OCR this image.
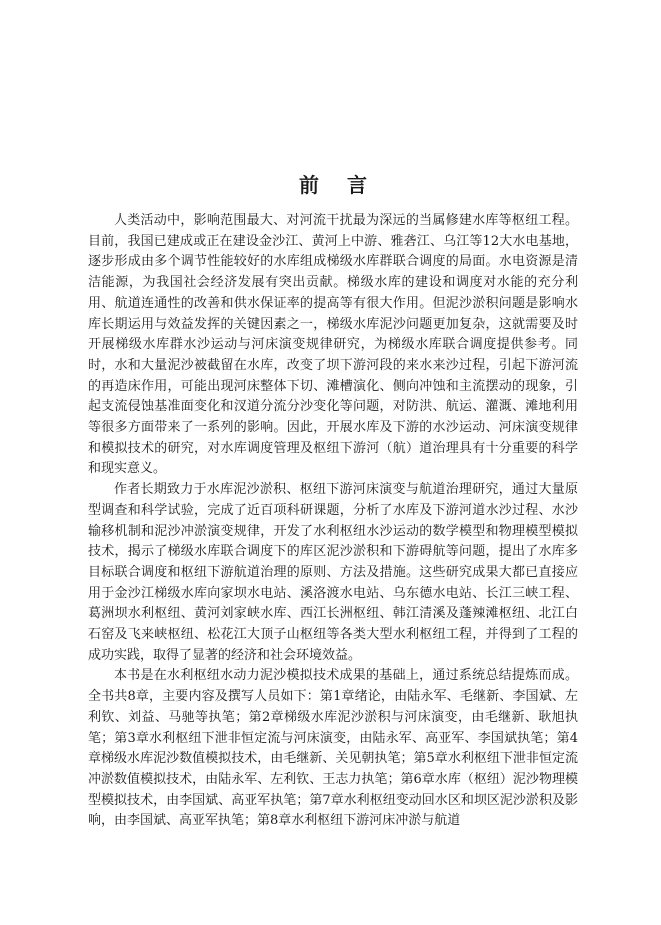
前言

人类活动中，影响范围最大、对河流干扰最为深远的当属修建水库等枢纽工程。目前，我国已建成或正在建设金沙江、黄河上中游、雅砻江、乌江等12大水电基地，逐步形成由多个调节性能较好的水库组成梯级水库群联合调度的局面。水电资源是清洁能源，为我国社会经济发展有突出贡献。梯级水库的建设和调度对水能的充分利用、航道连通性的改善和供水保证率的提高等有很大作用。但泥沙淤积问题是影响水库长期运用与效益发挥的关键因素之一，梯级水库泥沙问题更加复杂，这就需要及时开展梯级水库群水沙运动与河床演变规律研究，为梯级水库联合调度提供参考。同时，水和大量泥沙被截留在水库，改变了坝下游河段的来水来沙过程，引起下游河流的再造床作用，可能出现河床整体下切、滩槽演化、侧向冲蚀和主流摆动的现象，引起支流侵蚀基准面变化和汊道分流分沙变化等问题，对防洪、航运、灌溉、滩地利用等很多方面带来了一系列的影响。因此，开展水库及下游的水沙运动、河床演变规律和模拟技术的研究，对水库调度管理及枢纽下游河（航）道治理具有十分重要的科学和现实意义。

作者长期致力于水库泥沙淤积、枢纽下游河床演变与航道治理研究，通过大量原型调查和科学试验，完成了近百项科研课题，分析了水库及下游河道水沙过程、水沙输移机制和泥沙冲淤演变规律，开发了水利枢纽水沙运动的数学模型和物理模型模拟技术，揭示了梯级水库联合调度下的库区泥沙淤积和下游碍航等问题，提出了水库多目标联合调度和枢纽下游航道治理的原则、方法及措施。这些研究成果大都已直接应用于金沙江梯级水库向家坝水电站、溪洛渡水电站、乌东德水电站、长江三峡工程、葛洲坝水利枢纽、黄河刘家峡水库、西江长洲枢纽、韩江清溪及蓬辣滩枢纽、北江白石窑及飞来峡枢纽、松花江大顶子山枢纽等各类大型水利枢纽工程，并得到了工程的成功实践，取得了显著的经济和社会环境效益。

本书是在水利枢纽水动力泥沙模拟技术成果的基础上，通过系统总结提炼而成。全书共8章，主要内容及撰写人员如下：第1章绪论，由陆永军、毛继新、李国斌、左利钦、刘益、马驰等执笔；第2章梯级水库泥沙淤积与河床演变，由毛继新、耿旭执笔；第3章水利枢纽下泄非恒定流与河床演变，由陆永军、高亚军、李国斌执笔；第4章梯级水库泥沙数值模拟技术，由毛继新、关见朝执笔；第5章水利枢纽下泄非恒定流冲淤数值模拟技术，由陆永军、左利钦、王志力执笔；第6章水库（枢纽）泥沙物理模型模拟技术，由李国斌、高亚军执笔；第7章水利枢纽变动回水区和坝区泥沙淤积及影响，由李国斌、高亚军执笔；第8章水利枢纽下游河床冲淤与航道
